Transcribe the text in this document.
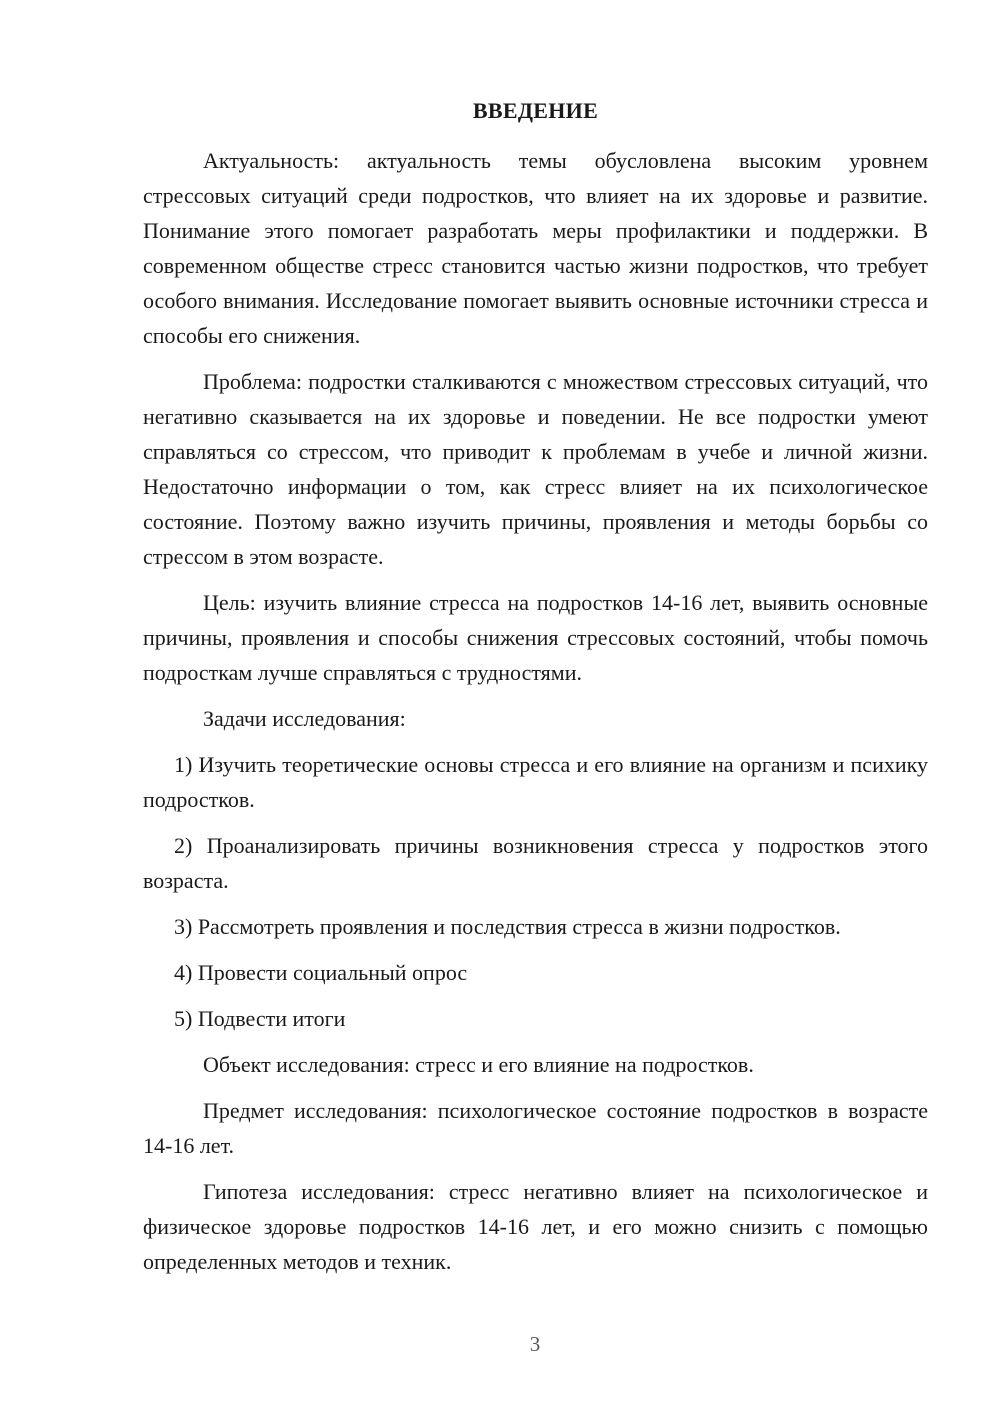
ВВЕДЕНИЕ

Актуальность: актуальность темы обусловлена высоким уровнем стрессовых ситуаций среди подростков, что влияет на их здоровье и развитие. Понимание этого помогает разработать меры профилактики и поддержки. В современном обществе стресс становится частью жизни подростков, что требует особого внимания. Исследование помогает выявить основные источники стресса и способы его снижения.

Проблема: подростки сталкиваются с множеством стрессовых ситуаций, что негативно сказывается на их здоровье и поведении. Не все подростки умеют справляться со стрессом, что приводит к проблемам в учебе и личной жизни. Недостаточно информации о том, как стресс влияет на их психологическое состояние. Поэтому важно изучить причины, проявления и методы борьбы со стрессом в этом возрасте.

Цель: изучить влияние стресса на подростков 14-16 лет, выявить основные причины, проявления и способы снижения стрессовых состояний, чтобы помочь подросткам лучше справляться с трудностями.

Задачи исследования:

1) Изучить теоретические основы стресса и его влияние на организм и психику подростков.

2) Проанализировать причины возникновения стресса у подростков этого возраста.

3) Рассмотреть проявления и последствия стресса в жизни подростков.

4) Провести социальный опрос

5) Подвести итоги

Объект исследования: стресс и его влияние на подростков.

Предмет исследования: психологическое состояние подростков в возрасте 14-16 лет.

Гипотеза исследования: стресс негативно влияет на психологическое и физическое здоровье подростков 14-16 лет, и его можно снизить с помощью определенных методов и техник.

3
